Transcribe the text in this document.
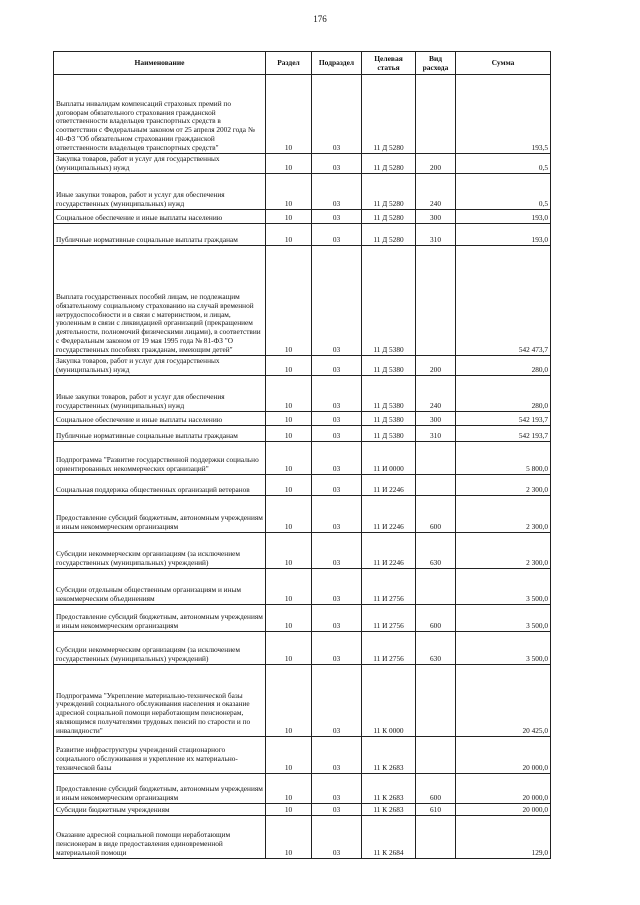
176
Наименование	Раздел	Подраздел	Целевая статья	Вид расхода	Сумма
Выплаты инвалидам компенсаций страховых премий по договорам обязательного страхования гражданской ответственности владельцев транспортных средств в соответствии с Федеральным законом от 25 апреля 2002 года № 40-ФЗ "Об обязательном страховании гражданской ответственности владельцев транспортных средств"	10	03	11 Д 5280		193,5
Закупка товаров, работ и услуг для государственных (муниципальных) нужд	10	03	11 Д 5280	200	0,5
Иные закупки товаров, работ и услуг для обеспечения государственных (муниципальных) нужд	10	03	11 Д 5280	240	0,5
Социальное обеспечение и иные выплаты населению	10	03	11 Д 5280	300	193,0
Публичные нормативные социальные выплаты гражданам	10	03	11 Д 5280	310	193,0
Выплата государственных пособий лицам, не подлежащим обязательному социальному страхованию на случай временной нетрудоспособности и в связи с материнством, и лицам, уволенным в связи с ликвидацией организаций (прекращением деятельности, полномочий физическими лицами), в соответствии с Федеральным законом от 19 мая 1995 года № 81-ФЗ "О государственных пособиях гражданам, имеющим детей"	10	03	11 Д 5380		542 473,7
Закупка товаров, работ и услуг для государственных (муниципальных) нужд	10	03	11 Д 5380	200	280,0
Иные закупки товаров, работ и услуг для обеспечения государственных (муниципальных) нужд	10	03	11 Д 5380	240	280,0
Социальное обеспечение и иные выплаты населению	10	03	11 Д 5380	300	542 193,7
Публичные нормативные социальные выплаты гражданам	10	03	11 Д 5380	310	542 193,7
Подпрограмма "Развитие государственной поддержки социально ориентированных некоммерческих организаций"	10	03	11 И 0000		5 800,0
Социальная поддержка общественных организаций ветеранов	10	03	11 И 2246		2 300,0
Предоставление субсидий бюджетным, автономным учреждениям и иным некоммерческим организациям	10	03	11 И 2246	600	2 300,0
Субсидии некоммерческим организациям (за исключением государственных (муниципальных) учреждений)	10	03	11 И 2246	630	2 300,0
Субсидии отдельным общественным организациям и иным некоммерческим объединениям	10	03	11 И 2756		3 500,0
Предоставление субсидий бюджетным, автономным учреждениям и иным некоммерческим организациям	10	03	11 И 2756	600	3 500,0
Субсидии некоммерческим организациям (за исключением государственных (муниципальных) учреждений)	10	03	11 И 2756	630	3 500,0
Подпрограмма "Укрепление материально-технической базы учреждений социального обслуживания населения и оказание адресной социальной помощи неработающим пенсионерам, являющимся получателями трудовых пенсий по старости и по инвалидности"	10	03	11 К 0000		20 425,0
Развитие инфраструктуры учреждений стационарного социального обслуживания и укрепление их материально-технической базы	10	03	11 К 2683		20 000,0
Предоставление субсидий бюджетным, автономным учреждениям и иным некоммерческим организациям	10	03	11 К 2683	600	20 000,0
Субсидии бюджетным учреждениям	10	03	11 К 2683	610	20 000,0
Оказание адресной социальной помощи неработающим пенсионерам в виде предоставления единовременной материальной помощи	10	03	11 К 2684		129,0
